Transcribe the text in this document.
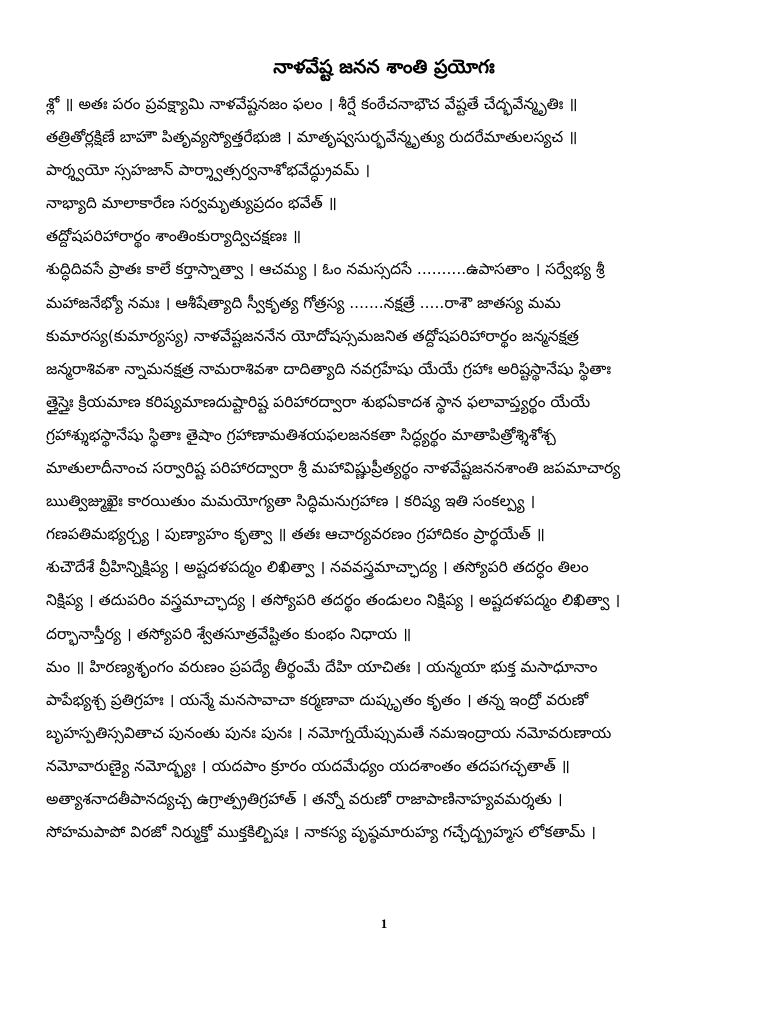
నాళవేష్ట జనన శాంతి ప్రయోగః
శ్లో ॥ అతః పరం ప్రవక్ష్యామి నాళవేష్టనజం ఫలం । శీర్షే కంఠేచనాభౌచ వేష్టతే చేద్భవేన్మృతిః ॥
తత్రితోర్లక్షిణే బాహౌ పితృవ్యస్యోత్తరేభుజి । మాతృష్వసుర్భవేన్మృత్యు రుదరేమాతులస్యచ ॥
పార్శ్వయో స్సహజాన్ పార్శ్వాత్సర్వనాశోభవేద్ధ్రువమ్ ।
నాభ్యాది మాలాకారేణ సర్వమృత్యుప్రదం భవేత్ ॥
తద్దోషపరిహారార్థం శాంతింకుర్యాద్విచక్షణః ॥
శుద్ధిదివసే ప్రాతః కాలే కర్తాస్నాత్వా । ఆచమ్య । ఓం నమస్సదసే ..........ఉపాసతాం । సర్వేభ్య శ్రీ
మహాజనేభ్యో నమః । ఆశీషేత్యాది స్వీకృత్య గోత్రస్య .......నక్షత్రే .....రాశౌ జాతస్య మమ
కుమారస్య(కుమార్యస్య) నాళవేష్టజననేన యోదోషస్సమజనిత తద్దోషపరిహారార్థం జన్మనక్షత్ర
జన్మరాశివశా న్నామనక్షత్ర నామరాశివశా దాదిత్యాది నవగ్రహేషు యేయే గ్రహాః అరిష్టస్థానేషు స్థితాః
త్తైస్తైః క్రియమాణ కరిష్యమాణదుష్టారిష్ట పరిహారద్వారా శుభఏకాదశ స్థాన ఫలావాప్త్యర్థం యేయే
గ్రహాశ్శుభస్థానేషు స్థితాః తైషాం గ్రహాణామతిశయఫలజనకతా సిద్ధ్యర్థం మాతాపిత్రోశ్శిశోశ్చ
మాతులాదీనాంచ సర్వారిష్ట పరిహారద్వారా శ్రీ మహావిష్ణుప్రీత్యర్థం నాళవేష్టజననశాంతి జపమాచార్య
ఋత్విజ్ముఖైః కారయితుం మమయోగ్యతా సిద్ధిమనుగ్రహాణ । కరిష్య ఇతి సంకల్ప్య ।
గణపతిమభ్యర్చ్య । పుణ్యాహం కృత్వా ॥ తతః ఆచార్యవరణం గ్రహాదికం ప్రార్థయేత్ ॥
శుచౌదేశే వ్రీహిన్నిక్షిప్య । అష్టదళపద్మం లిఖిత్వా । నవవస్త్రమాచ్ఛాద్య । తస్యోపరి తదర్ధం తిలం
నిక్షిప్య । తదుపరిం వస్త్రమాచ్ఛాద్య । తస్యోపరి తదర్థం తండులం నిక్షిప్య । అష్టదళపద్మం లిఖిత్వా ।
దర్భానాస్తీర్య । తస్యోపరి శ్వేతసూత్రవేష్టితం కుంభం నిధాయ ॥
మం ॥ హిరణ్యశృంగం వరుణం ప్రపద్యే తీర్థంమే దేహి యాచితః । యన్మయా భుక్త మసాధూనాం
పాపేభ్యశ్చ ప్రతిగ్రహః । యన్మే మనసావాచా కర్మణావా దుష్కృతం కృతం । తన్న ఇంద్రో వరుణో
బృహస్పతిస్సవితాచ పునంతు పునః పునః । నమోగ్నయేప్సుమతే నమఇంద్రాయ నమోవరుణాయ
నమోవారుణ్యై నమోద్భ్యః । యదపాం క్రూరం యదమేధ్యం యదశాంతం తదపగచ్ఛతాత్ ॥
అత్యాశనాదతీపానద్యచ్చ ఉగ్రాత్ప్రతిగ్రహాత్ । తన్నో వరుణో రాజాపాణినాహ్యవమర్శతు ।
సోహమపాపో విరజో నిర్ముక్తో ముక్తకిల్బిషః । నాకస్య పృష్ఠమారుహ్య గచ్ఛేద్బ్రహ్మస లోకతామ్ ।
1
